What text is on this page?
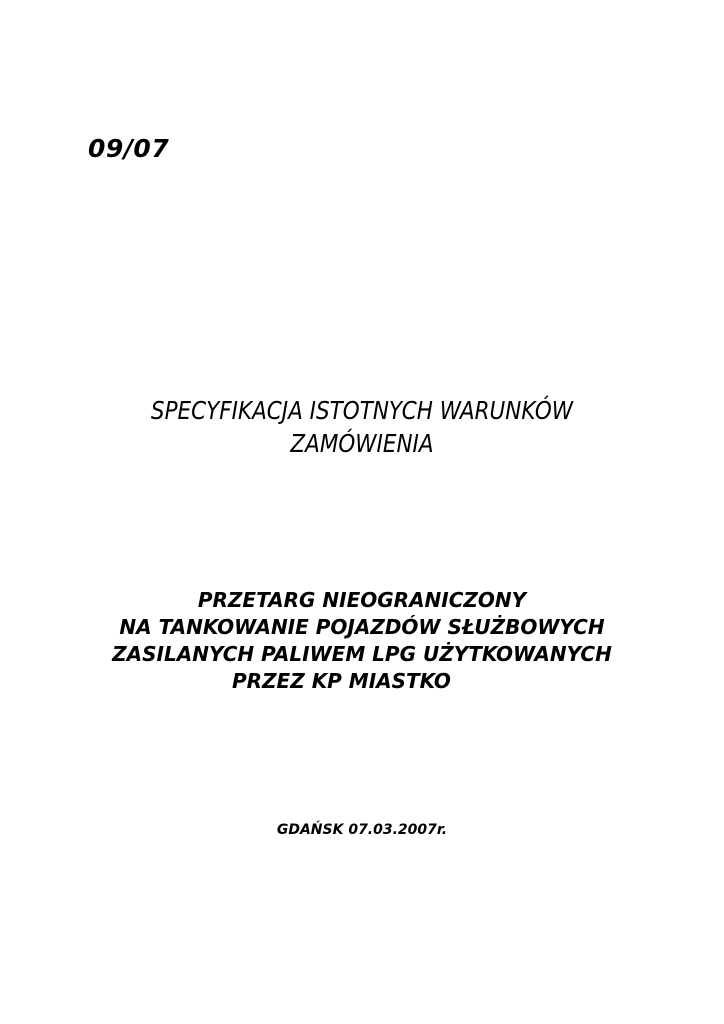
09/07
SPECYFIKACJA ISTOTNYCH WARUNKÓW
ZAMÓWIENIA
PRZETARG NIEOGRANICZONY
NA TANKOWANIE POJAZDÓW SŁUŻBOWYCH
ZASILANYCH PALIWEM LPG UŻYTKOWANYCH
PRZEZ KP MIASTKO
GDAŃSK 07.03.2007r.
